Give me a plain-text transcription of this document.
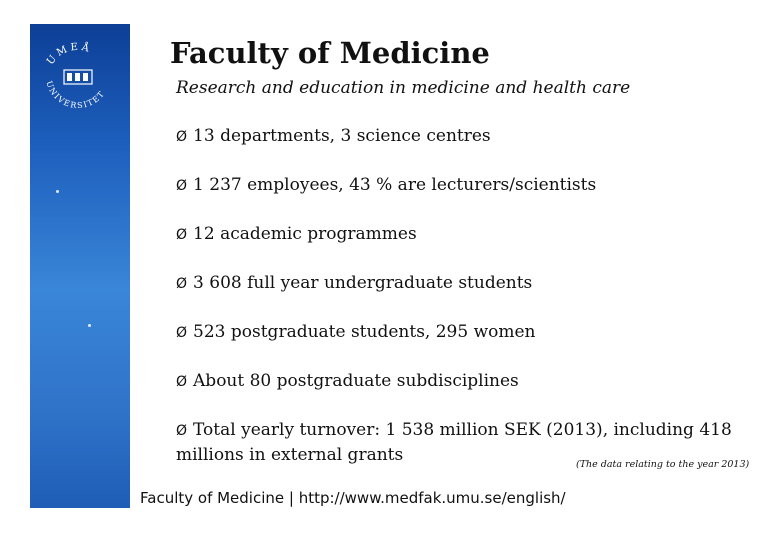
UMEÅ
UNIVERSITET
Faculty of Medicine
Research and education in medicine and health care
Ø 13 departments, 3 science centres
Ø 1 237 employees, 43 % are lecturers/scientists
Ø 12 academic programmes
Ø 3 608 full year undergraduate students
Ø 523 postgraduate students, 295 women
Ø About 80 postgraduate subdisciplines
Ø Total yearly turnover: 1 538 million SEK (2013), including 418 millions in external grants	(The data relating to the year 2013)
Faculty of Medicine | http://www.medfak.umu.se/english/
